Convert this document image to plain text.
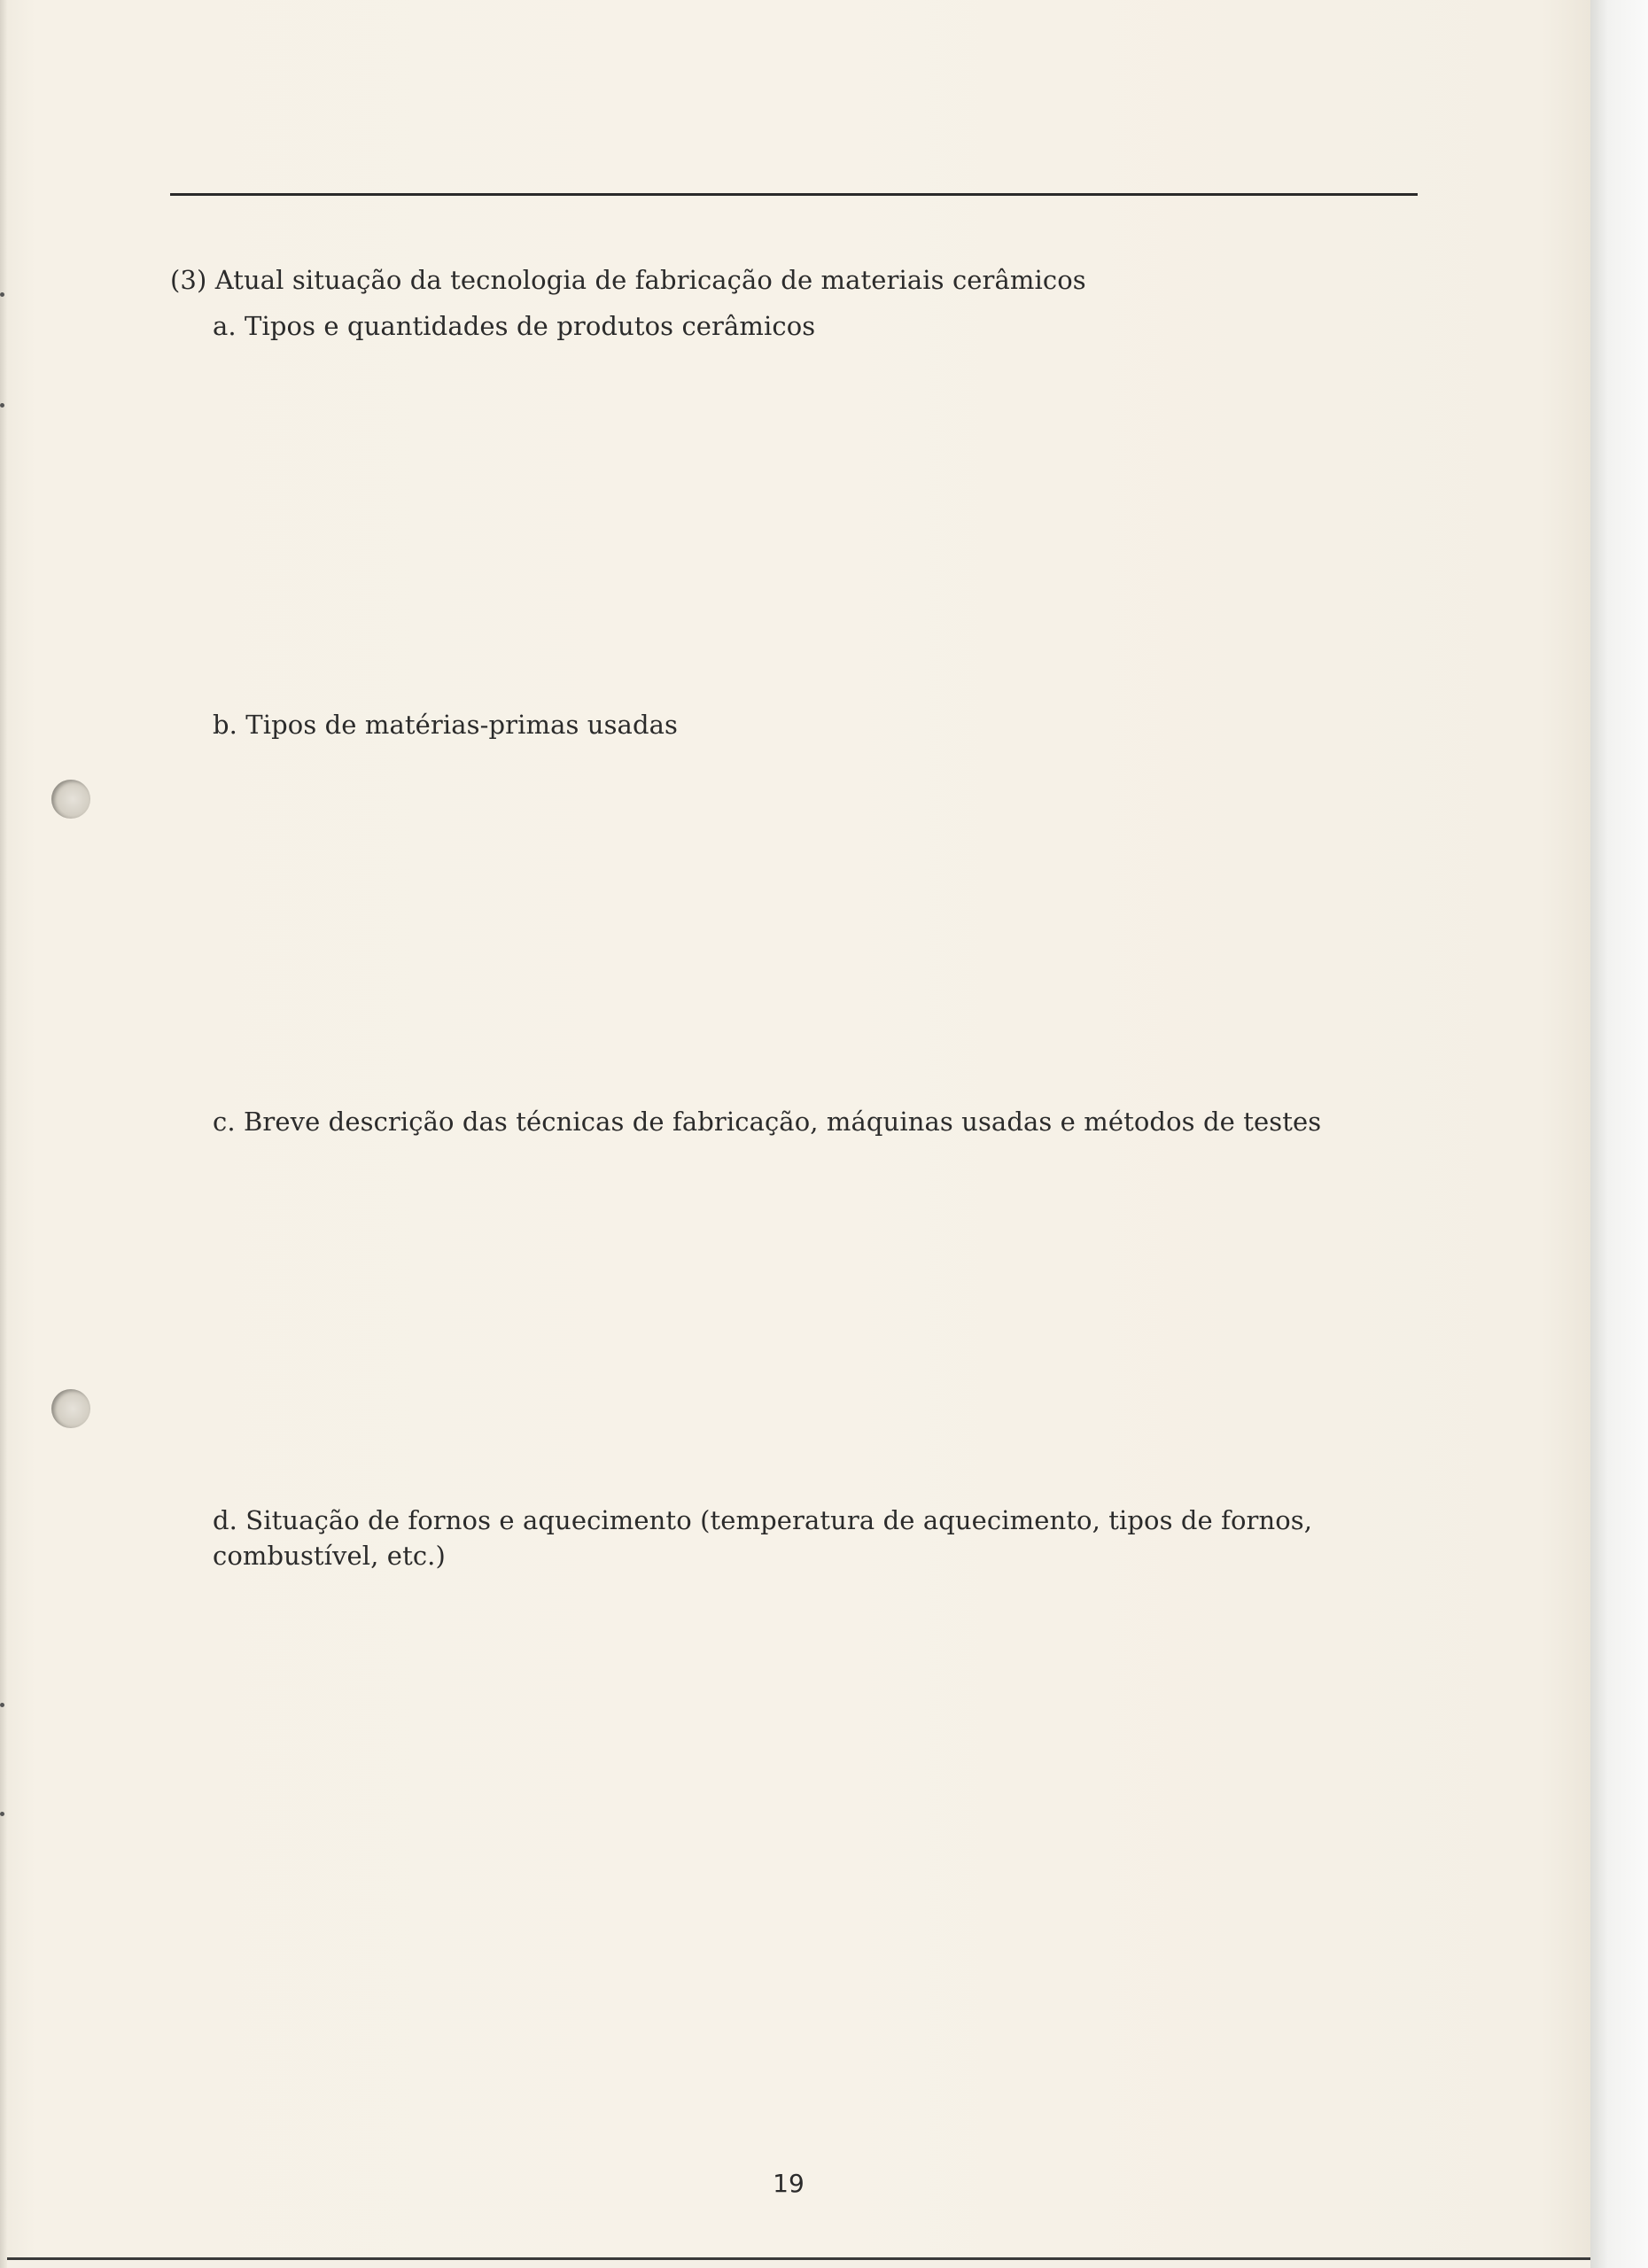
(3) Atual situação da tecnologia de fabricação de materiais cerâmicos
a. Tipos e quantidades de produtos cerâmicos
b. Tipos de matérias-primas usadas
c. Breve descrição das técnicas de fabricação, máquinas usadas e métodos de testes
d. Situação de fornos e aquecimento (temperatura de aquecimento, tipos de fornos, combustível, etc.)
19
